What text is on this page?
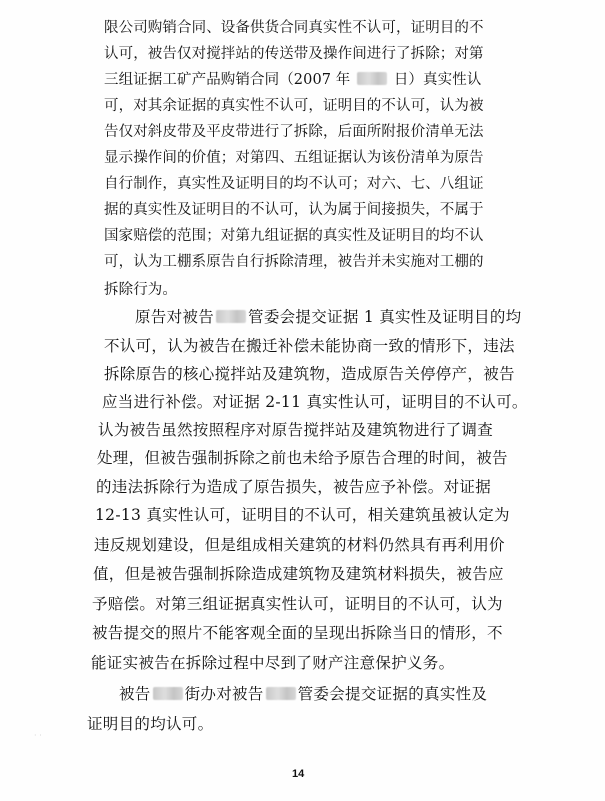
限公司购销合同、设备供货合同真实性不认可，证明目的不
认可，被告仅对搅拌站的传送带及操作间进行了拆除；对第
三组证据工矿产品购销合同（2007 年  日）真实性认
可，对其余证据的真实性不认可，证明目的不认可，认为被
告仅对斜皮带及平皮带进行了拆除，后面所附报价清单无法
显示操作间的价值；对第四、五组证据认为该份清单为原告
自行制作，真实性及证明目的均不认可；对六、七、八组证
据的真实性及证明目的不认可，认为属于间接损失，不属于
国家赔偿的范围；对第九组证据的真实性及证明目的均不认
可，认为工棚系原告自行拆除清理，被告并未实施对工棚的
拆除行为。
原告对被告 管委会提交证据 1 真实性及证明目的均
不认可，认为被告在搬迁补偿未能协商一致的情形下，违法
拆除原告的核心搅拌站及建筑物，造成原告关停停产，被告
应当进行补偿。对证据 2-11 真实性认可，证明目的不认可。
认为被告虽然按照程序对原告搅拌站及建筑物进行了调查
处理，但被告强制拆除之前也未给予原告合理的时间，被告
的违法拆除行为造成了原告损失，被告应予补偿。对证据
12-13 真实性认可，证明目的不认可，相关建筑虽被认定为
违反规划建设，但是组成相关建筑的材料仍然具有再利用价
值，但是被告强制拆除造成建筑物及建筑材料损失，被告应
予赔偿。对第三组证据真实性认可，证明目的不认可，认为
被告提交的照片不能客观全面的呈现出拆除当日的情形，不
能证实被告在拆除过程中尽到了财产注意保护义务。
被告 街办对被告 管委会提交证据的真实性及
证明目的均认可。
· ·
14
